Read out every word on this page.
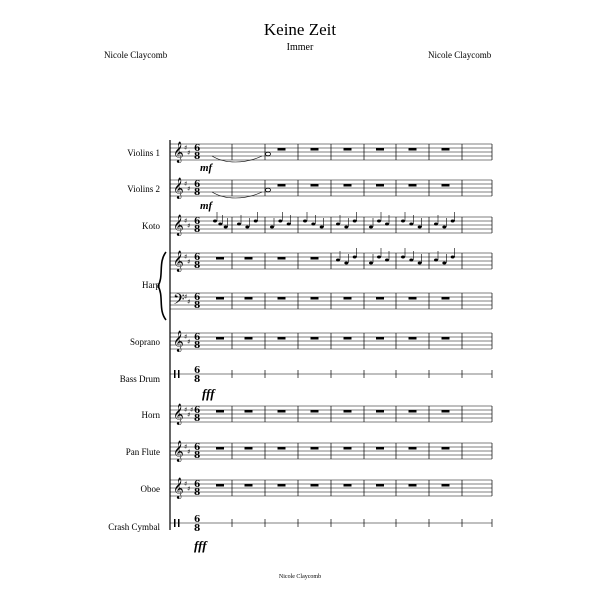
Keine Zeit
Immer
Nicole Claycomb	Nicole Claycomb
Violins 1
Violins 2
Koto
Harp
Soprano
Bass Drum
Horn
Pan Flute
Oboe
Crash Cymbal
𝄞 6
8
♯
♯
𝄞 6
8
♯
♯
𝄞 6
8
♯
♯
𝄞 6
8
♯
♯
𝄢 6
8
♯
♯
𝄞 6
8
♯
♯
6
8
𝄞 6
8
♯
♯
♯
𝄞 6
8
♯
♯
𝄞 6
8
♯
♯
6
8
mf
mf
fff
fff
Nicole Claycomb
